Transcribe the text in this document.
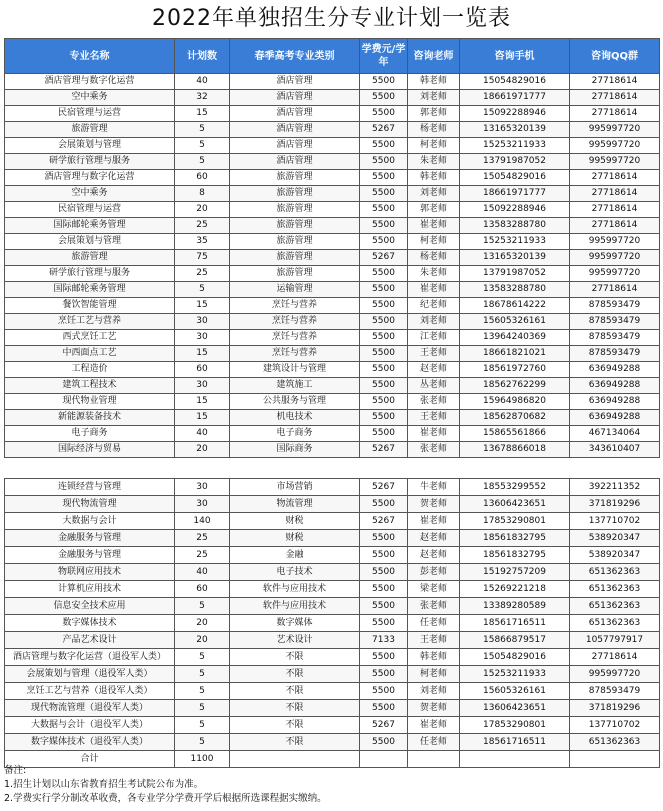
2022年单独招生分专业计划一览表
专业名称	计划数	春季高考专业类别	学费元/学年	咨询老师	咨询手机	咨询QQ群
酒店管理与数字化运营	40	酒店管理	5500	韩老师	15054829016	27718614
空中乘务	32	酒店管理	5500	刘老师	18661971777	27718614
民宿管理与运营	15	酒店管理	5500	郭老师	15092288946	27718614
旅游管理	5	酒店管理	5267	杨老师	13165320139	995997720
会展策划与管理	5	酒店管理	5500	柯老师	15253211933	995997720
研学旅行管理与服务	5	酒店管理	5500	朱老师	13791987052	995997720
酒店管理与数字化运营	60	旅游管理	5500	韩老师	15054829016	27718614
空中乘务	8	旅游管理	5500	刘老师	18661971777	27718614
民宿管理与运营	20	旅游管理	5500	郭老师	15092288946	27718614
国际邮轮乘务管理	25	旅游管理	5500	崔老师	13583288780	27718614
会展策划与管理	35	旅游管理	5500	柯老师	15253211933	995997720
旅游管理	75	旅游管理	5267	杨老师	13165320139	995997720
研学旅行管理与服务	25	旅游管理	5500	朱老师	13791987052	995997720
国际邮轮乘务管理	5	运输管理	5500	崔老师	13583288780	27718614
餐饮智能管理	15	烹饪与营养	5500	纪老师	18678614222	878593479
烹饪工艺与营养	30	烹饪与营养	5500	刘老师	15605326161	878593479
西式烹饪工艺	30	烹饪与营养	5500	江老师	13964240369	878593479
中西面点工艺	15	烹饪与营养	5500	王老师	18661821021	878593479
工程造价	60	建筑设计与管理	5500	赵老师	18561972760	636949288
建筑工程技术	30	建筑施工	5500	丛老师	18562762299	636949288
现代物业管理	15	公共服务与管理	5500	张老师	15964986820	636949288
新能源装备技术	15	机电技术	5500	王老师	18562870682	636949288
电子商务	40	电子商务	5500	崔老师	15865561866	467134064
国际经济与贸易	20	国际商务	5267	张老师	13678866018	343610407
连锁经营与管理	30	市场营销	5267	牛老师	18553299552	392211352
现代物流管理	30	物流管理	5500	贺老师	13606423651	371819296
大数据与会计	140	财税	5267	崔老师	17853290801	137710702
金融服务与管理	25	财税	5500	赵老师	18561832795	538920347
金融服务与管理	25	金融	5500	赵老师	18561832795	538920347
物联网应用技术	40	电子技术	5500	彭老师	15192757209	651362363
计算机应用技术	60	软件与应用技术	5500	梁老师	15269221218	651362363
信息安全技术应用	5	软件与应用技术	5500	张老师	13389280589	651362363
数字媒体技术	20	数字媒体	5500	任老师	18561716511	651362363
产品艺术设计	20	艺术设计	7133	王老师	15866879517	1057797917
酒店管理与数字化运营（退役军人类）	5	不限	5500	韩老师	15054829016	27718614
会展策划与管理（退役军人类）	5	不限	5500	柯老师	15253211933	995997720
烹饪工艺与营养（退役军人类）	5	不限	5500	刘老师	15605326161	878593479
现代物流管理（退役军人类）	5	不限	5500	贺老师	13606423651	371819296
大数据与会计（退役军人类）	5	不限	5267	崔老师	17853290801	137710702
数字媒体技术（退役军人类）	5	不限	5500	任老师	18561716511	651362363
合计	1100					
备注:
1.招生计划以山东省教育招生考试院公布为准。
2.学费实行学分制改革收费，各专业学分学费开学后根据所选课程据实缴纳。
